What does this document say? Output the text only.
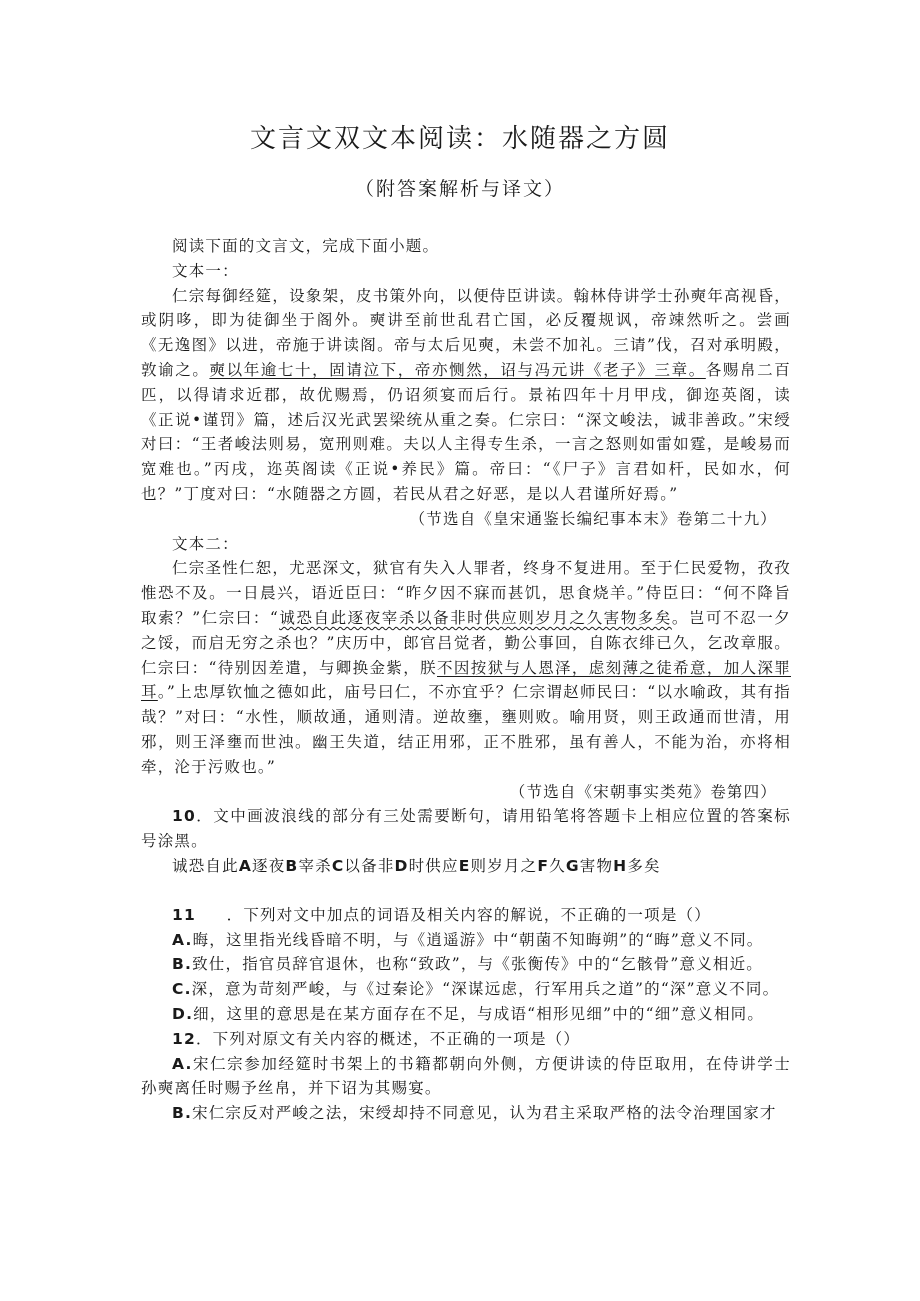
文言文双文本阅读：水随器之方圆
（附答案解析与译文）

阅读下面的文言文，完成下面小题。

文本一：

仁宗每御经筵，设象架，皮书策外向，以便侍臣讲读。翰林侍讲学士孙奭年高视昏，或阴哆，即为徒御坐于阁外。奭讲至前世乱君亡国，必反覆规讽，帝竦然听之。尝画《无逸图》以进，帝施于讲读阁。帝与太后见奭，未尝不加礼。三请”伐，召对承明殿，敦谕之。奭以年逾七十，固请泣下，帝亦恻然，诏与冯元讲《老子》三章。各赐帛二百匹，以得请求近郡，故优赐焉，仍诏须宴而后行。景祐四年十月甲戌，御迩英阁，读《正说•谨罚》篇，述后汉光武罢梁统从重之奏。仁宗曰：“深文峻法，诚非善政。”宋绶对曰：“王者峻法则易，宽刑则难。夫以人主得专生杀，一言之怒则如雷如霆，是峻易而宽难也。”丙戌，迩英阁读《正说•养民》篇。帝曰：“《尸子》言君如杆，民如水，何也？”丁度对曰：“水随器之方圆，若民从君之好恶，是以人君谨所好焉。”

（节选自《皇宋通鉴长编纪事本末》卷第二十九）

文本二：

仁宗圣性仁恕，尤恶深文，狱官有失入人罪者，终身不复进用。至于仁民爱物，孜孜惟恐不及。一日晨兴，语近臣曰：“昨夕因不寐而甚饥，思食烧羊。”侍臣曰：“何不降旨取索？”仁宗曰：“诚恐自此逐夜宰杀以备非时供应则岁月之久害物多矣。岂可不忍一夕之馁，而启无穷之杀也？”庆历中，郎官吕觉者，勤公事回，自陈衣绯已久，乞改章服。仁宗曰：“待别因差遣，与卿换金紫，朕不因按狱与人恩泽，虑刻薄之徒希意，加人深罪耳。”上忠厚钦恤之德如此，庙号曰仁，不亦宜乎？仁宗谓赵师民曰：“以水喻政，其有指哉？”对曰：“水性，顺故通，通则清。逆故壅，壅则败。喻用贤，则王政通而世清，用邪，则王泽壅而世浊。幽王失道，结正用邪，正不胜邪，虽有善人，不能为治，亦将相牵，沦于污败也。”

（节选自《宋朝事实类苑》卷第四）

10．文中画波浪线的部分有三处需要断句，请用铅笔将答题卡上相应位置的答案标号涂黑。

诚恐自此A逐夜B宰杀C以备非D时供应E则岁月之F久G害物H多矣

11 ．下列对文中加点的词语及相关内容的解说，不正确的一项是（）

A.晦，这里指光线昏暗不明，与《逍遥游》中“朝菌不知晦朔”的“晦”意义不同。

B.致仕，指官员辞官退休，也称“致政”，与《张衡传》中的“乞骸骨”意义相近。

C.深，意为苛刻严峻，与《过秦论》“深谋远虑，行军用兵之道”的“深”意义不同。

D.细，这里的意思是在某方面存在不足，与成语“相形见细”中的“细”意义相同。

12．下列对原文有关内容的概述，不正确的一项是（）

A.宋仁宗参加经筵时书架上的书籍都朝向外侧，方便讲读的侍臣取用，在侍讲学士孙奭离任时赐予丝帛，并下诏为其赐宴。

B.宋仁宗反对严峻之法，宋绶却持不同意见，认为君主采取严格的法令治理国家才
